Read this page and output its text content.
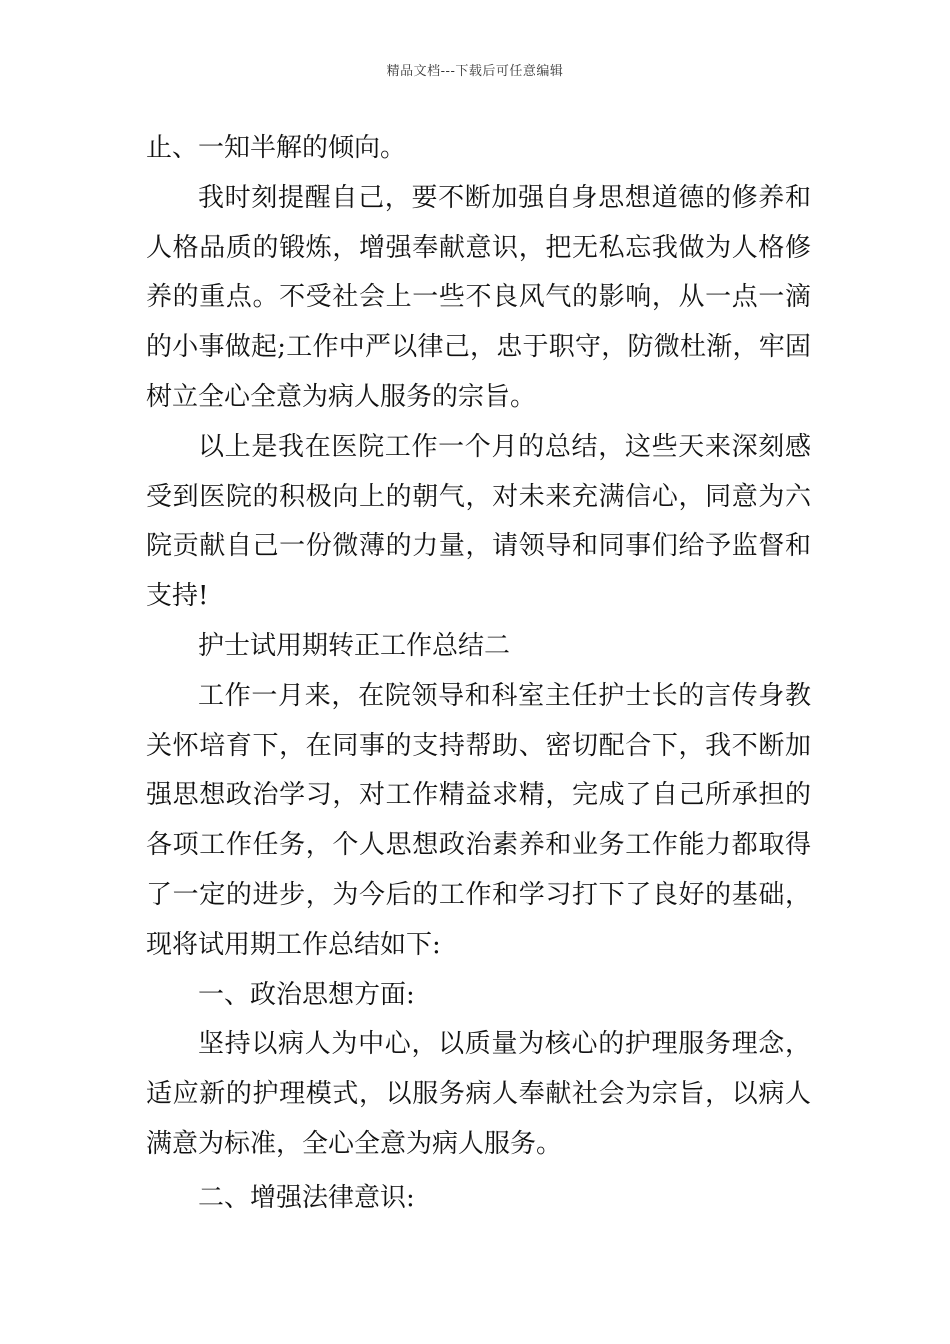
精品文档---下载后可任意编辑
止、一知半解的倾向。
我时刻提醒自己，要不断加强自身思想道德的修养和
人格品质的锻炼，增强奉献意识，把无私忘我做为人格修
养的重点。不受社会上一些不良风气的影响，从一点一滴
的小事做起;工作中严以律己，忠于职守，防微杜渐，牢固
树立全心全意为病人服务的宗旨。
以上是我在医院工作一个月的总结，这些天来深刻感
受到医院的积极向上的朝气，对未来充满信心，同意为六
院贡献自己一份微薄的力量，请领导和同事们给予监督和
支持!
护士试用期转正工作总结二
工作一月来，在院领导和科室主任护士长的言传身教
关怀培育下，在同事的支持帮助、密切配合下，我不断加
强思想政治学习，对工作精益求精，完成了自己所承担的
各项工作任务，个人思想政治素养和业务工作能力都取得
了一定的进步，为今后的工作和学习打下了良好的基础，
现将试用期工作总结如下:
一、政治思想方面:
坚持以病人为中心，以质量为核心的护理服务理念，
适应新的护理模式，以服务病人奉献社会为宗旨，以病人
满意为标准，全心全意为病人服务。
二、增强法律意识:
